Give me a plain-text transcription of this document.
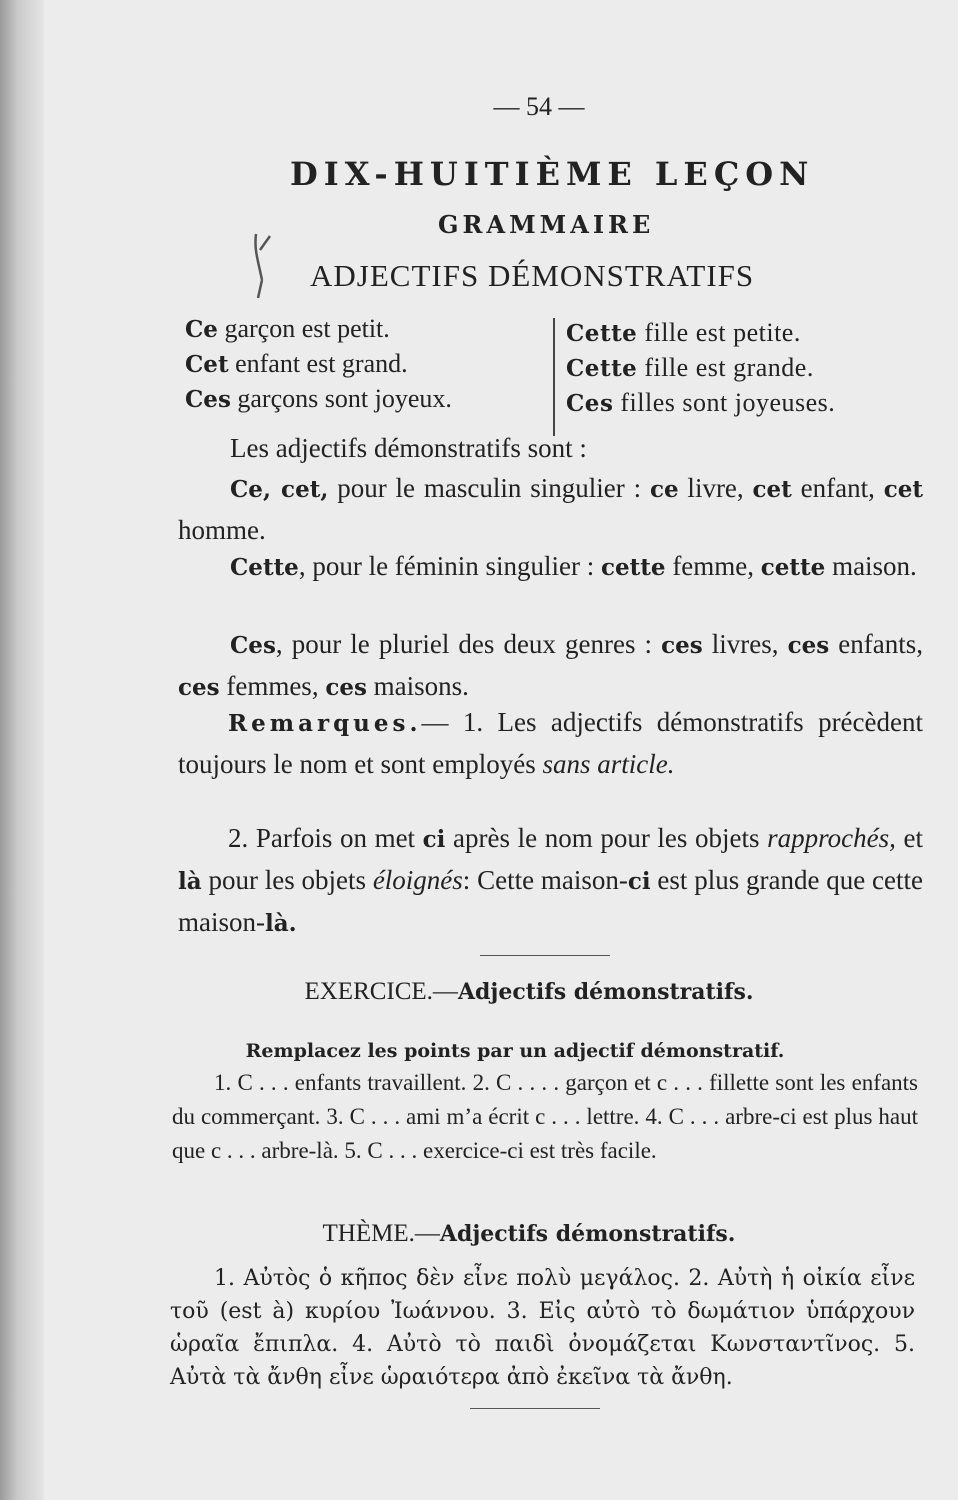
— 54 —
DIX-HUITIÈME LEÇON
GRAMMAIRE
ADJECTIFS DÉMONSTRATIFS
Ce garçon est petit.
Cet enfant est grand.
Ces garçons sont joyeux.
Cette fille est petite.
Cette fille est grande.
Ces filles sont joyeuses.
Les adjectifs démonstratifs sont :
Ce, cet, pour le masculin singulier : ce livre, cet enfant, cet homme.
Cette, pour le féminin singulier : cette femme, cette maison.
Ces, pour le pluriel des deux genres : ces livres, ces enfants, ces femmes, ces maisons.
Remarques.— 1. Les adjectifs démonstratifs précèdent toujours le nom et sont employés sans article.
2. Parfois on met ci après le nom pour les objets rapprochés, et là pour les objets éloignés: Cette maison-ci est plus grande que cette maison-là.
EXERCICE.—Adjectifs démonstratifs.
Remplacez les points par un adjectif démonstratif.
1. C . . . enfants travaillent. 2. C . . . . garçon et c . . . fillette sont les enfants du commerçant. 3. C . . . ami m’a écrit c . . . lettre. 4. C . . . arbre-ci est plus haut que c . . . arbre-là. 5. C . . . exercice-ci est très facile.
THÈME.—Adjectifs démonstratifs.
1. Αὐτὸς ὁ κῆπος δὲν εἶνε πολὺ μεγάλος. 2. Αὐτὴ ἡ οἰκία εἶνε τοῦ (est à) κυρίου Ἰωάννου. 3. Εἰς αὐτὸ τὸ δωμάτιον ὑπάρχουν ὡραῖα ἔπιπλα. 4. Αὐτὸ τὸ παιδὶ ὀνομάζεται Κωνσταντῖνος. 5. Αὐτὰ τὰ ἄνθη εἶνε ὡραιότερα ἀπὸ ἐκεῖνα τὰ ἄνθη.
